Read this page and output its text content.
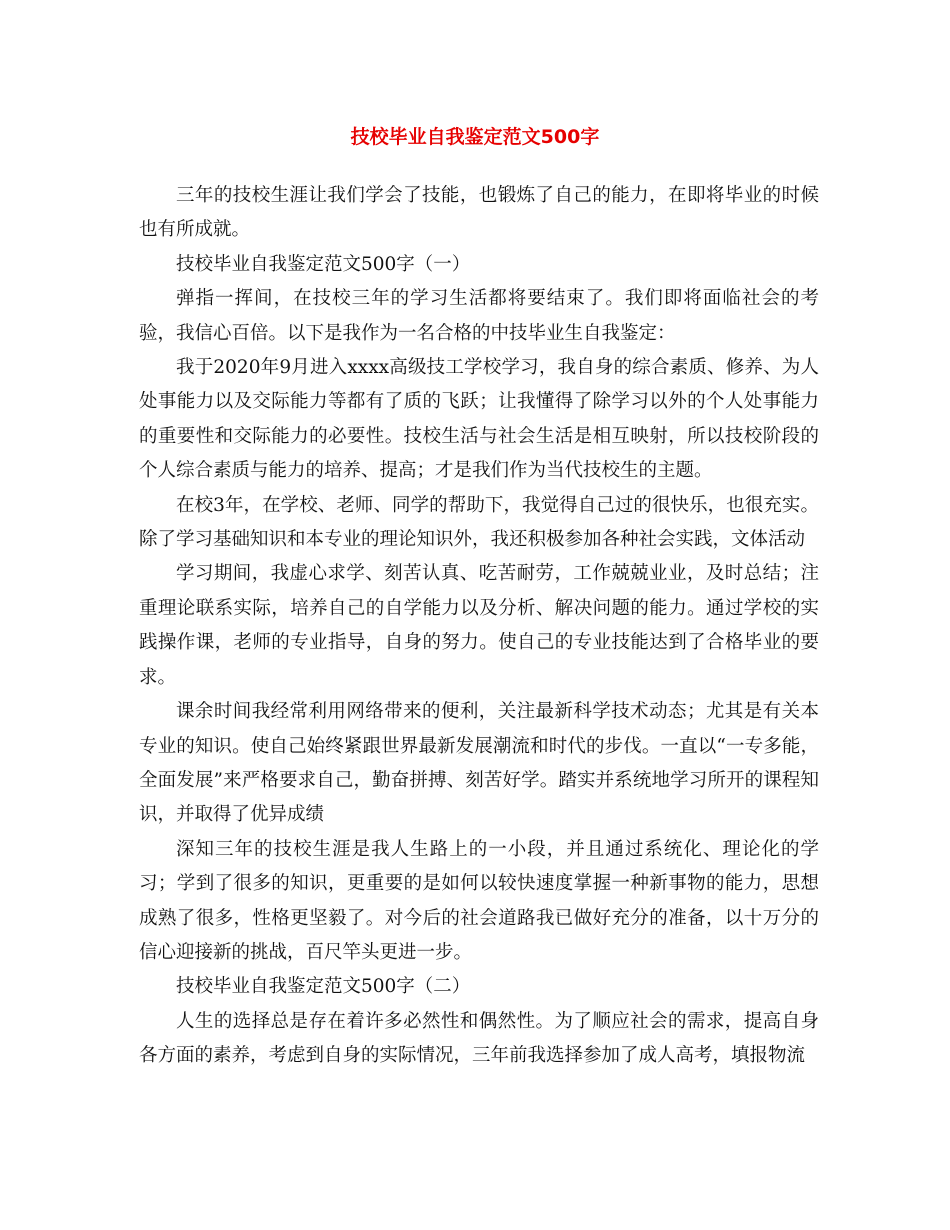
技校毕业自我鉴定范文500字

三年的技校生涯让我们学会了技能，也锻炼了自己的能力，在即将毕业的时候也有所成就。

技校毕业自我鉴定范文500字（一）

弹指一挥间，在技校三年的学习生活都将要结束了。我们即将面临社会的考验，我信心百倍。以下是我作为一名合格的中技毕业生自我鉴定：

我于2020年9月进入xxxx高级技工学校学习，我自身的综合素质、修养、为人处事能力以及交际能力等都有了质的飞跃；让我懂得了除学习以外的个人处事能力的重要性和交际能力的必要性。技校生活与社会生活是相互映射，所以技校阶段的个人综合素质与能力的培养、提高；才是我们作为当代技校生的主题。

在校3年，在学校、老师、同学的帮助下，我觉得自己过的很快乐，也很充实。除了学习基础知识和本专业的理论知识外，我还积极参加各种社会实践，文体活动

学习期间，我虚心求学、刻苦认真、吃苦耐劳，工作兢兢业业，及时总结；注重理论联系实际，培养自己的自学能力以及分析、解决问题的能力。通过学校的实践操作课，老师的专业指导，自身的努力。使自己的专业技能达到了合格毕业的要求。

课余时间我经常利用网络带来的便利，关注最新科学技术动态；尤其是有关本专业的知识。使自己始终紧跟世界最新发展潮流和时代的步伐。一直以“一专多能，全面发展”来严格要求自己，勤奋拼搏、刻苦好学。踏实并系统地学习所开的课程知识，并取得了优异成绩

深知三年的技校生涯是我人生路上的一小段，并且通过系统化、理论化的学习；学到了很多的知识，更重要的是如何以较快速度掌握一种新事物的能力，思想成熟了很多，性格更坚毅了。对今后的社会道路我已做好充分的准备，以十万分的信心迎接新的挑战，百尺竿头更进一步。

技校毕业自我鉴定范文500字（二）

人生的选择总是存在着许多必然性和偶然性。为了顺应社会的需求，提高自身各方面的素养，考虑到自身的实际情况，三年前我选择参加了成人高考，填报物流
